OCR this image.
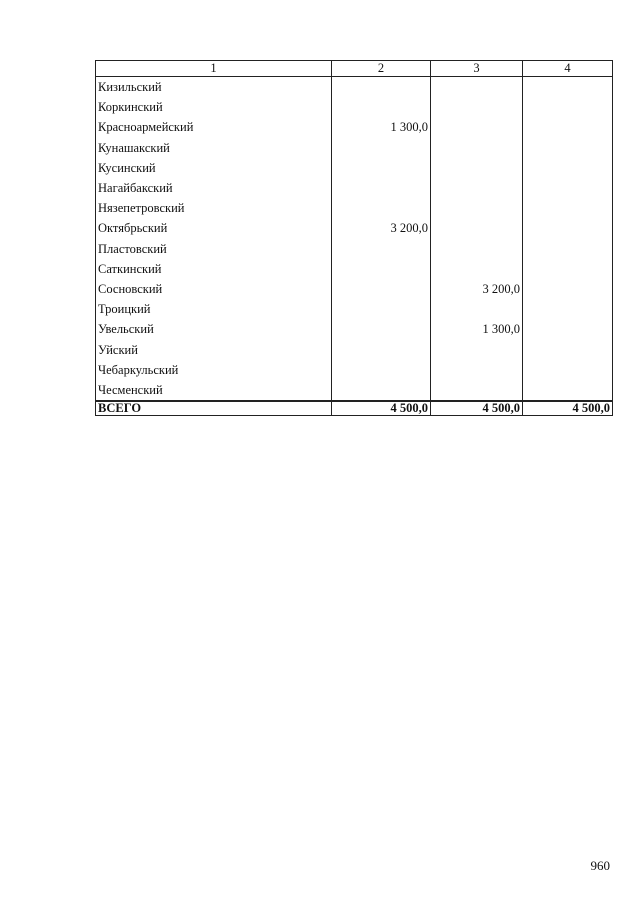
1	2	3	4
Кизильский			
Коркинский			
Красноармейский	1 300,0		
Кунашакский			
Кусинский			
Нагайбакский			
Нязепетровский			
Октябрьский	3 200,0		
Пластовский			
Саткинский			
Сосновский		3 200,0	
Троицкий			
Увельский		1 300,0	
Уйский			
Чебаркульский			
Чесменский			
ВСЕГО	4 500,0	4 500,0	4 500,0
960
